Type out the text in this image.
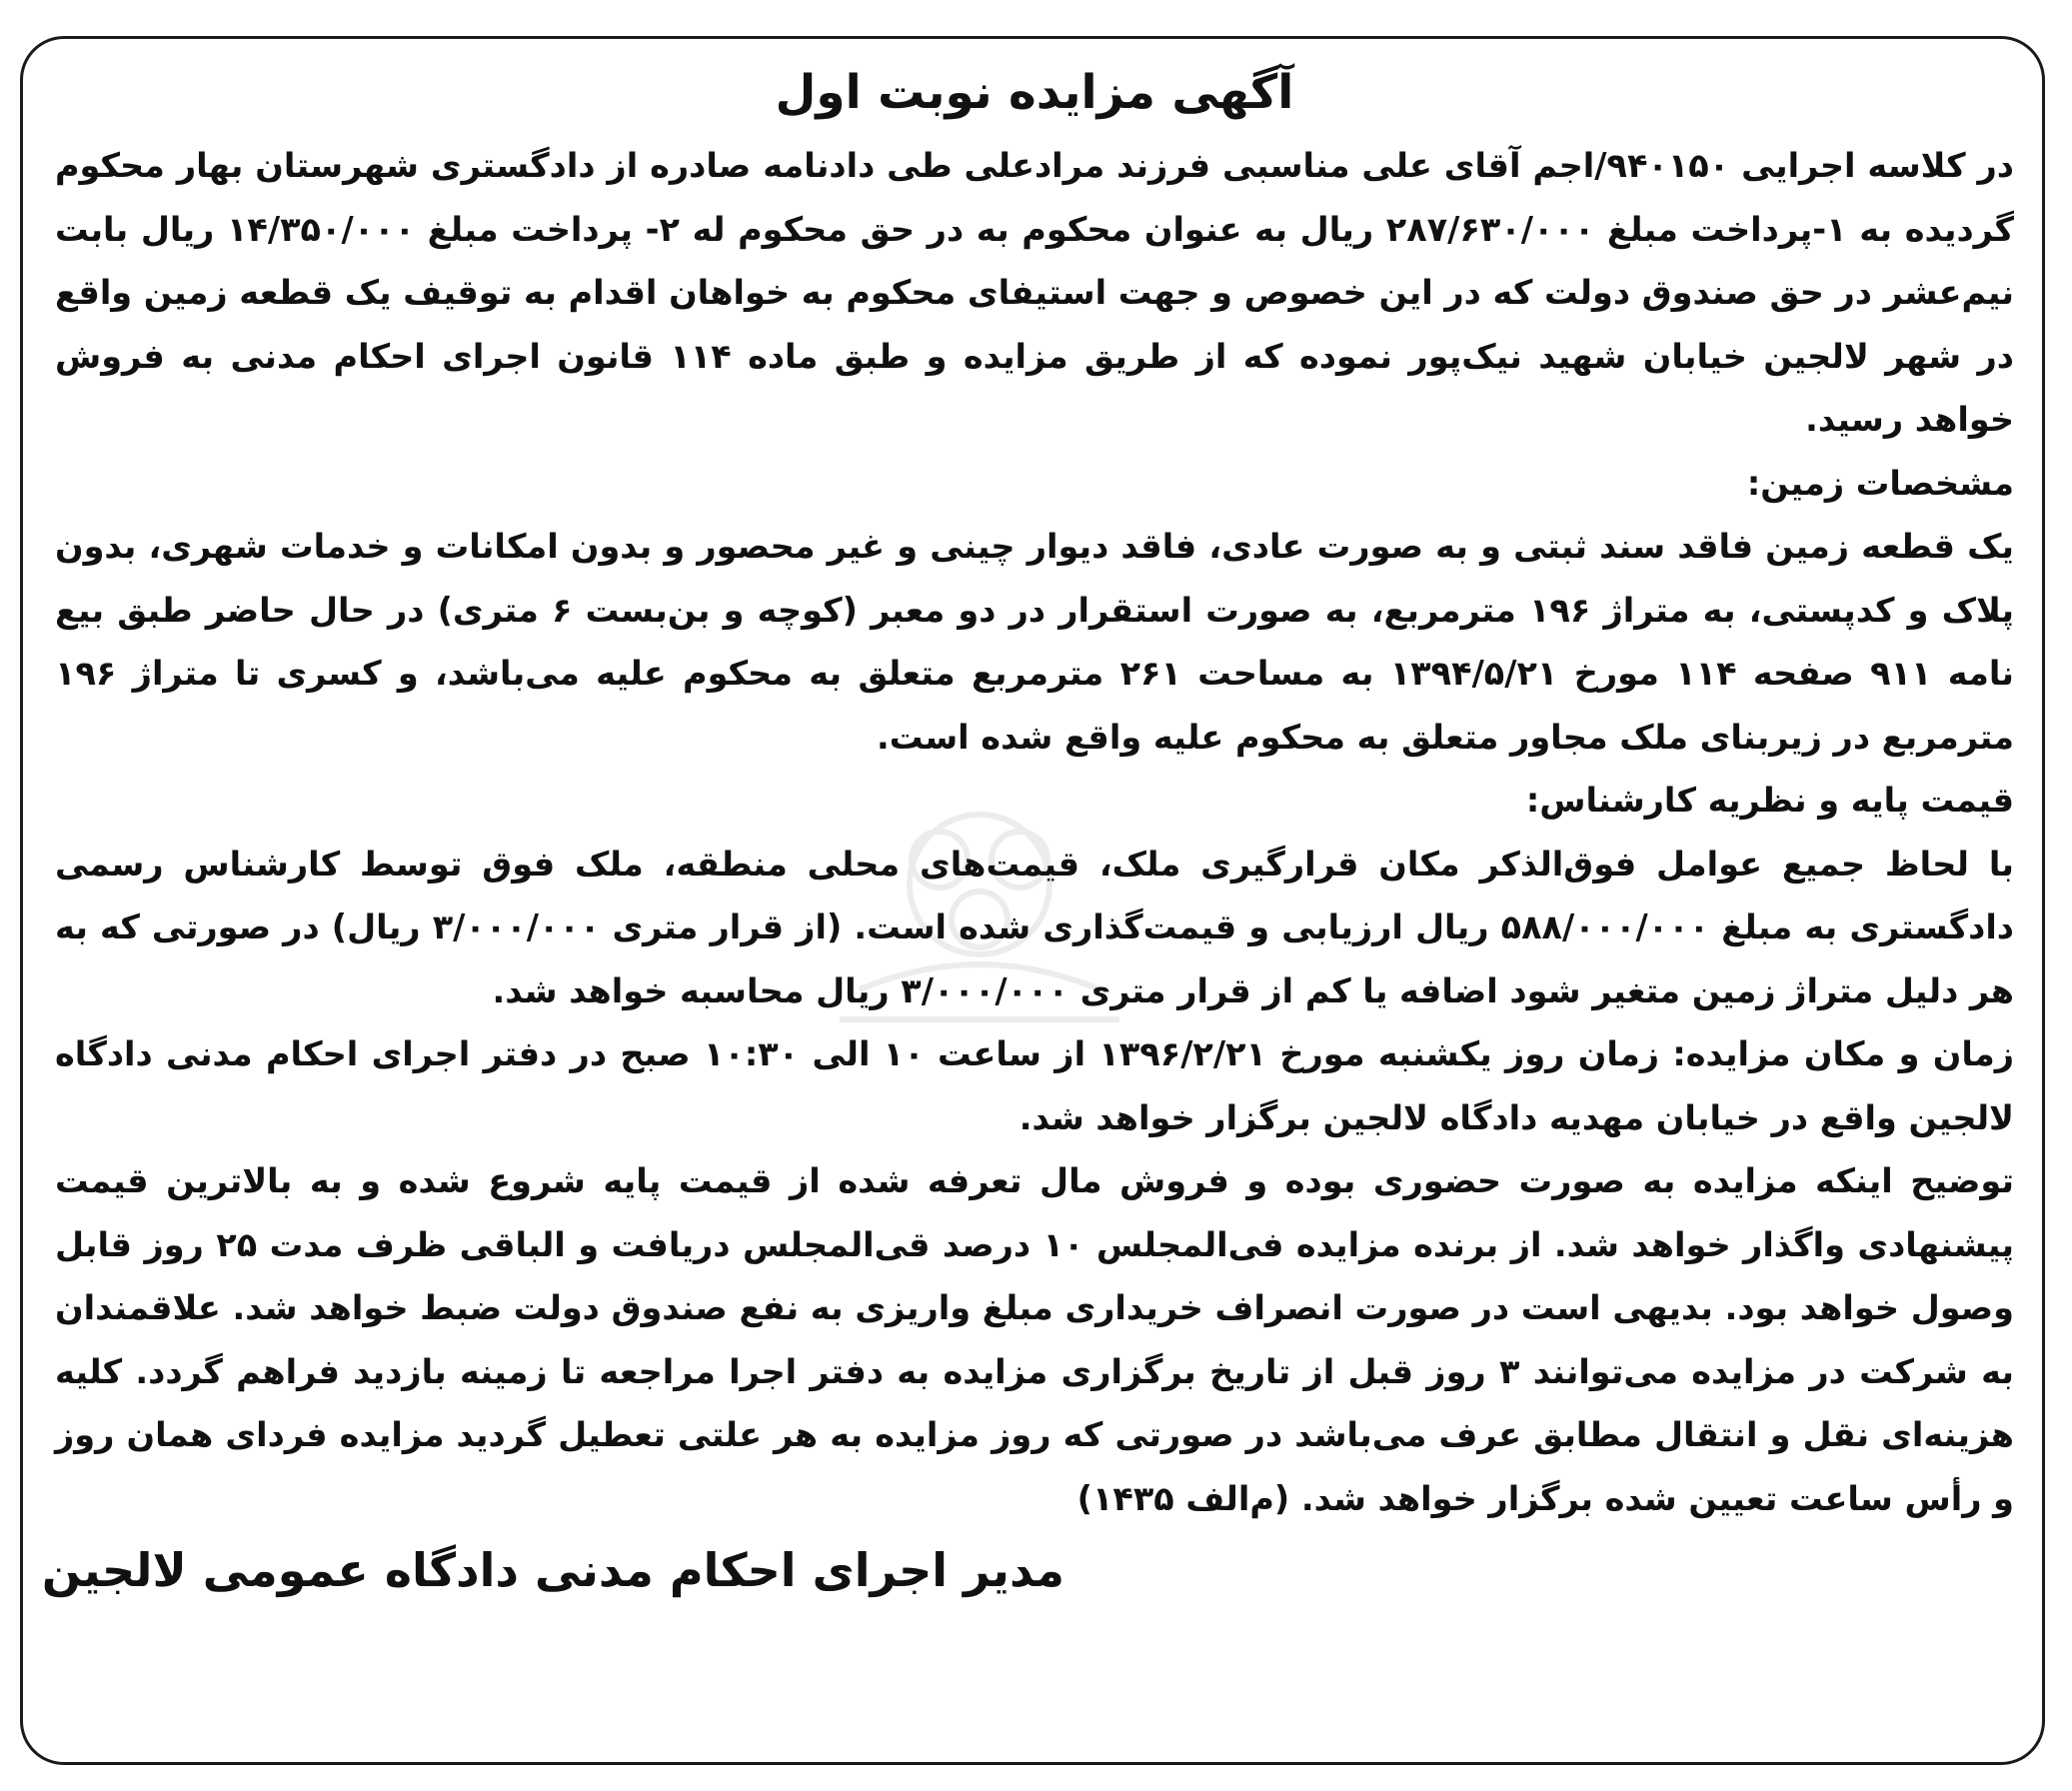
آگهی مزایده نوبت اول

در کلاسه اجرایی ۹۴۰۱۵۰/اجم آقای علی مناسبی فرزند مرادعلی طی دادنامه صادره از دادگستری شهرستان بهار محکوم گردیده به ۱-پرداخت مبلغ ۲۸۷/۶۳۰/۰۰۰ ریال به عنوان محکوم به در حق محکوم له ۲- پرداخت مبلغ ۱۴/۳۵۰/۰۰۰ ریال بابت نیم‌عشر در حق صندوق دولت که در این خصوص و جهت استیفای محکوم به خواهان اقدام به توقیف یک قطعه زمین واقع در شهر لالجین خیابان شهید نیک‌پور نموده که از طریق مزایده و طبق ماده ۱۱۴ قانون اجرای احکام مدنی به فروش خواهد رسید.

مشخصات زمین:

یک قطعه زمین فاقد سند ثبتی و به صورت عادی، فاقد دیوار چینی و غیر محصور و بدون امکانات و خدمات شهری، بدون پلاک و کدپستی، به متراژ ۱۹۶ مترمربع، به صورت استقرار در دو معبر (کوچه و بن‌بست ۶ متری) در حال حاضر طبق بیع نامه ۹۱۱ صفحه ۱۱۴ مورخ ۱۳۹۴/۵/۲۱ به مساحت ۲۶۱ مترمربع متعلق به محکوم علیه می‌باشد، و کسری تا متراژ ۱۹۶ مترمربع در زیربنای ملک مجاور متعلق به محکوم علیه واقع شده است.

قیمت پایه و نظریه کارشناس:

با لحاظ جمیع عوامل فوق‌الذکر مکان قرارگیری ملک، قیمت‌های محلی منطقه، ملک فوق توسط کارشناس رسمی دادگستری به مبلغ ۵۸۸/۰۰۰/۰۰۰ ریال ارزیابی و قیمت‌گذاری شده است. (از قرار متری ۳/۰۰۰/۰۰۰ ریال) در صورتی که به هر دلیل متراژ زمین متغیر شود اضافه یا کم از قرار متری ۳/۰۰۰/۰۰۰ ریال محاسبه خواهد شد.

زمان و مکان مزایده: زمان روز یکشنبه مورخ ۱۳۹۶/۲/۲۱ از ساعت ۱۰ الی ۱۰:۳۰ صبح در دفتر اجرای احکام مدنی دادگاه لالجین واقع در خیابان مهدیه دادگاه لالجین برگزار خواهد شد.

توضیح اینکه مزایده به صورت حضوری بوده و فروش مال تعرفه شده از قیمت پایه شروع شده و به بالاترین قیمت پیشنهادی واگذار خواهد شد. از برنده مزایده فی‌المجلس ۱۰ درصد قی‌المجلس دریافت و الباقی ظرف مدت ۲۵ روز قابل وصول خواهد بود. بدیهی است در صورت انصراف خریداری مبلغ واریزی به نفع صندوق دولت ضبط خواهد شد. علاقمندان به شرکت در مزایده می‌توانند ۳ روز قبل از تاریخ برگزاری مزایده به دفتر اجرا مراجعه تا زمینه بازدید فراهم گردد. کلیه هزینه‌ای نقل و انتقال مطابق عرف می‌باشد در صورتی که روز مزایده به هر علتی تعطیل گردید مزایده فردای همان روز و رأس ساعت تعیین شده برگزار خواهد شد. (م‌الف ۱۴۳۵)

مدیر اجرای احکام مدنی دادگاه عمومی لالجین
